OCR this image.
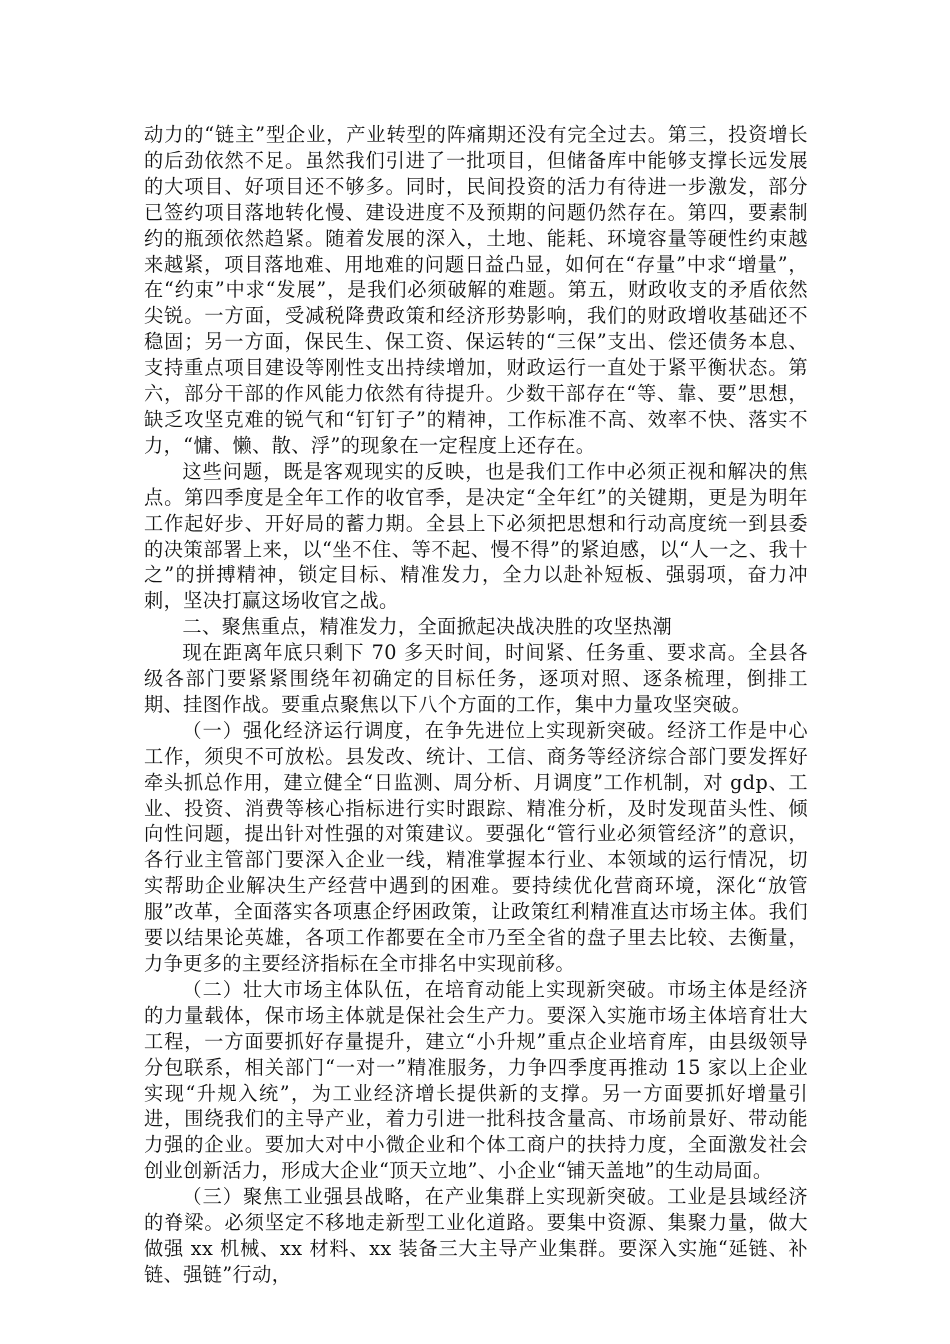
动力的“链主”型企业，产业转型的阵痛期还没有完全过去。第三，投资增长的后劲依然不足。虽然我们引进了一批项目，但储备库中能够支撑长远发展的大项目、好项目还不够多。同时，民间投资的活力有待进一步激发，部分已签约项目落地转化慢、建设进度不及预期的问题仍然存在。第四，要素制约的瓶颈依然趋紧。随着发展的深入，土地、能耗、环境容量等硬性约束越来越紧，项目落地难、用地难的问题日益凸显，如何在“存量”中求“增量”，在“约束”中求“发展”，是我们必须破解的难题。第五，财政收支的矛盾依然尖锐。一方面，受减税降费政策和经济形势影响，我们的财政增收基础还不稳固；另一方面，保民生、保工资、保运转的“三保”支出、偿还债务本息、支持重点项目建设等刚性支出持续增加，财政运行一直处于紧平衡状态。第六，部分干部的作风能力依然有待提升。少数干部存在“等、靠、要”思想，缺乏攻坚克难的锐气和“钉钉子”的精神，工作标准不高、效率不快、落实不力，“慵、懒、散、浮”的现象在一定程度上还存在。

这些问题，既是客观现实的反映，也是我们工作中必须正视和解决的焦点。第四季度是全年工作的收官季，是决定“全年红”的关键期，更是为明年工作起好步、开好局的蓄力期。全县上下必须把思想和行动高度统一到县委的决策部署上来，以“坐不住、等不起、慢不得”的紧迫感，以“人一之、我十之”的拼搏精神，锁定目标、精准发力，全力以赴补短板、强弱项，奋力冲刺，坚决打赢这场收官之战。

二、聚焦重点，精准发力，全面掀起决战决胜的攻坚热潮

现在距离年底只剩下 70 多天时间，时间紧、任务重、要求高。全县各级各部门要紧紧围绕年初确定的目标任务，逐项对照、逐条梳理，倒排工期、挂图作战。要重点聚焦以下八个方面的工作，集中力量攻坚突破。

（一）强化经济运行调度，在争先进位上实现新突破。经济工作是中心工作，须臾不可放松。县发改、统计、工信、商务等经济综合部门要发挥好牵头抓总作用，建立健全“日监测、周分析、月调度”工作机制，对 gdp、工业、投资、消费等核心指标进行实时跟踪、精准分析，及时发现苗头性、倾向性问题，提出针对性强的对策建议。要强化“管行业必须管经济”的意识，各行业主管部门要深入企业一线，精准掌握本行业、本领域的运行情况，切实帮助企业解决生产经营中遇到的困难。要持续优化营商环境，深化“放管服”改革，全面落实各项惠企纾困政策，让政策红利精准直达市场主体。我们要以结果论英雄，各项工作都要在全市乃至全省的盘子里去比较、去衡量，力争更多的主要经济指标在全市排名中实现前移。

（二）壮大市场主体队伍，在培育动能上实现新突破。市场主体是经济的力量载体，保市场主体就是保社会生产力。要深入实施市场主体培育壮大工程，一方面要抓好存量提升，建立“小升规”重点企业培育库，由县级领导分包联系，相关部门“一对一”精准服务，力争四季度再推动 15 家以上企业实现“升规入统”，为工业经济增长提供新的支撑。另一方面要抓好增量引进，围绕我们的主导产业，着力引进一批科技含量高、市场前景好、带动能力强的企业。要加大对中小微企业和个体工商户的扶持力度，全面激发社会创业创新活力，形成大企业“顶天立地”、小企业“铺天盖地”的生动局面。

（三）聚焦工业强县战略，在产业集群上实现新突破。工业是县域经济的脊梁。必须坚定不移地走新型工业化道路。要集中资源、集聚力量，做大做强 xx 机械、xx 材料、xx 装备三大主导产业集群。要深入实施“延链、补链、强链”行动，
